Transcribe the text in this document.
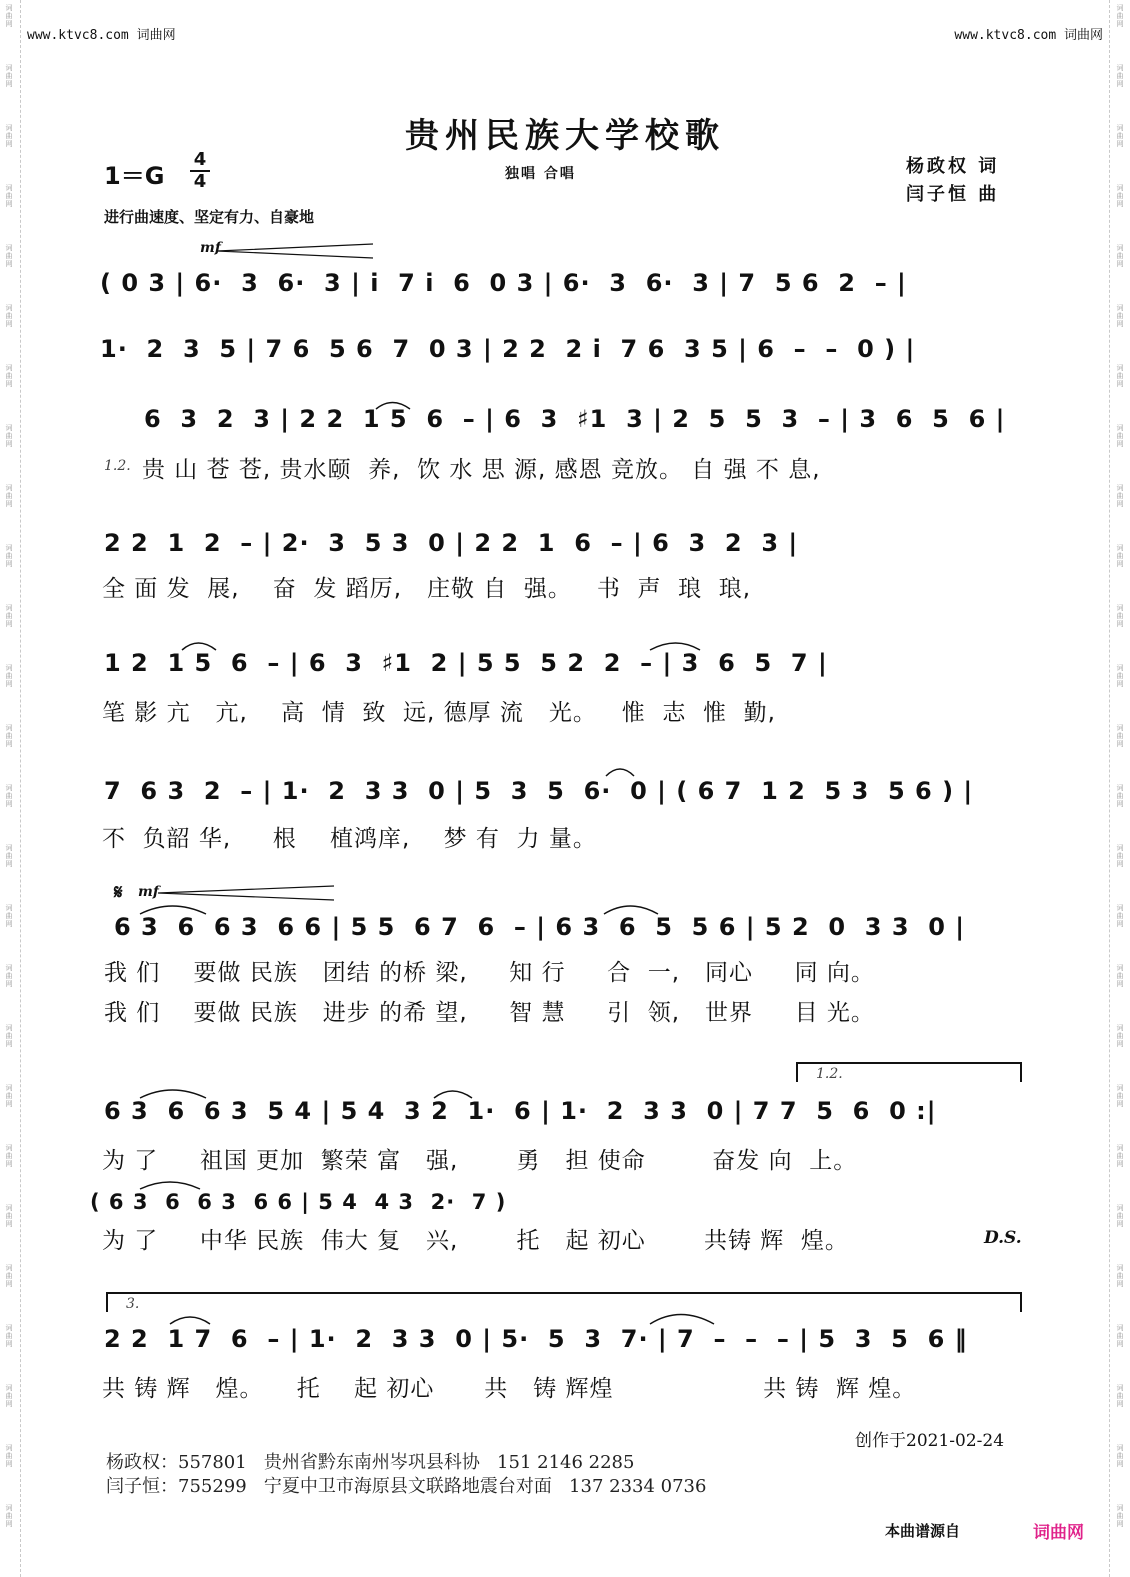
词
曲
网
词
曲
网
词
曲
网
词
曲
网
词
曲
网
词
曲
网
词
曲
网
词
曲
网
词
曲
网
词
曲
网
词
曲
网
词
曲
网
词
曲
网
词
曲
网
词
曲
网
词
曲
网
词
曲
网
词
曲
网
词
曲
网
词
曲
网
词
曲
网
词
曲
网
词
曲
网
词
曲
网
词
曲
网
词
曲
网
词
曲
网
词
曲
网
词
曲
网
词
曲
网
词
曲
网
词
曲
网
词
曲
网
词
曲
网
词
曲
网
词
曲
网
词
曲
网
词
曲
网
词
曲
网
词
曲
网
词
曲
网
词
曲
网
词
曲
网
词
曲
网
词
曲
网
词
曲
网
词
曲
网
词
曲
网
词
曲
网
词
曲
网
词
曲
网
词
曲
网
www.ktvc8.com 词曲网	www.ktvc8.com 词曲网
贵州民族大学校歌
1＝G
4
4	独唱 合唱	杨政权 词
闫子恒 曲
进行曲速度、坚定有力、自豪地
mf
( 0 3 | 6·  3  6·  3 | i  7 i  6  0 3 | 6·  3  6·  3 | 7  5 6  2  – |
1·  2  3  5 | 7 6  5 6  7  0 3 | 2 2  2 i  7 6  3 5 | 6  –  –  0 ) |
6  3  2  3 | 2 2  1 5  6  – | 6  3  ♯1  3 | 2  5  5  3  – | 3  6  5  6 |
1.2. 贵 山 苍 苍, 贵水颐  养,  饮 水 思 源, 感恩 竞放。 自 强 不 息,
2 2  1  2  – | 2·  3  5 3  0 | 2 2  1  6  – | 6  3  2  3 |
全 面 发  展,    奋  发 蹈厉,   庄敬 自  强。   书  声  琅  琅,
1 2  1 5  6  – | 6  3  ♯1  2 | 5 5  5 2  2  – | 3  6  5  7 |
笔 影 亢   亢,    高  情  致  远, 德厚 流   光。   惟  志  惟  勤,
7  6 3  2  – | 1·  2  3 3  0 | 5  3  5  6·  0 | ( 6 7  1 2  5 3  5 6 ) |
不  负韶 华,     根    植鸿庠,    梦 有  力 量。
𝄋 mf
6 3  6  6 3  6 6 | 5 5  6 7  6  – | 6 3  6  5  5 6 | 5 2  0  3 3  0 |
我 们    要做 民族   团结 的桥 梁,     知 行     合  一,   同心     同 向。
我 们    要做 民族   进步 的希 望,     智 慧     引  领,   世界     目 光。
1.2.
6 3  6  6 3  5 4 | 5 4  3 2  1·  6 | 1·  2  3 3  0 | 7 7  5  6  0 :|
为 了     祖国 更加  繁荣 富   强,       勇   担 使命        奋发 向  上。
( 6 3  6  6 3  6 6 | 5 4  4 3  2·  7 )
为 了     中华 民族  伟大 复   兴,       托   起 初心       共铸 辉  煌。	D.S.
3.
2 2  1 7  6  – | 1·  2  3 3  0 | 5·  5  3  7· | 7  –  –  – | 5  3  5  6 ‖
共 铸 辉   煌。    托    起 初心      共   铸 辉煌                  共 铸  辉 煌。
创作于2021-02-24
杨政权：557801   贵州省黔东南州岑巩县科协   151 2146 2285
闫子恒：755299   宁夏中卫市海原县文联路地震台对面   137 2334 0736
本曲谱源自	词曲网
